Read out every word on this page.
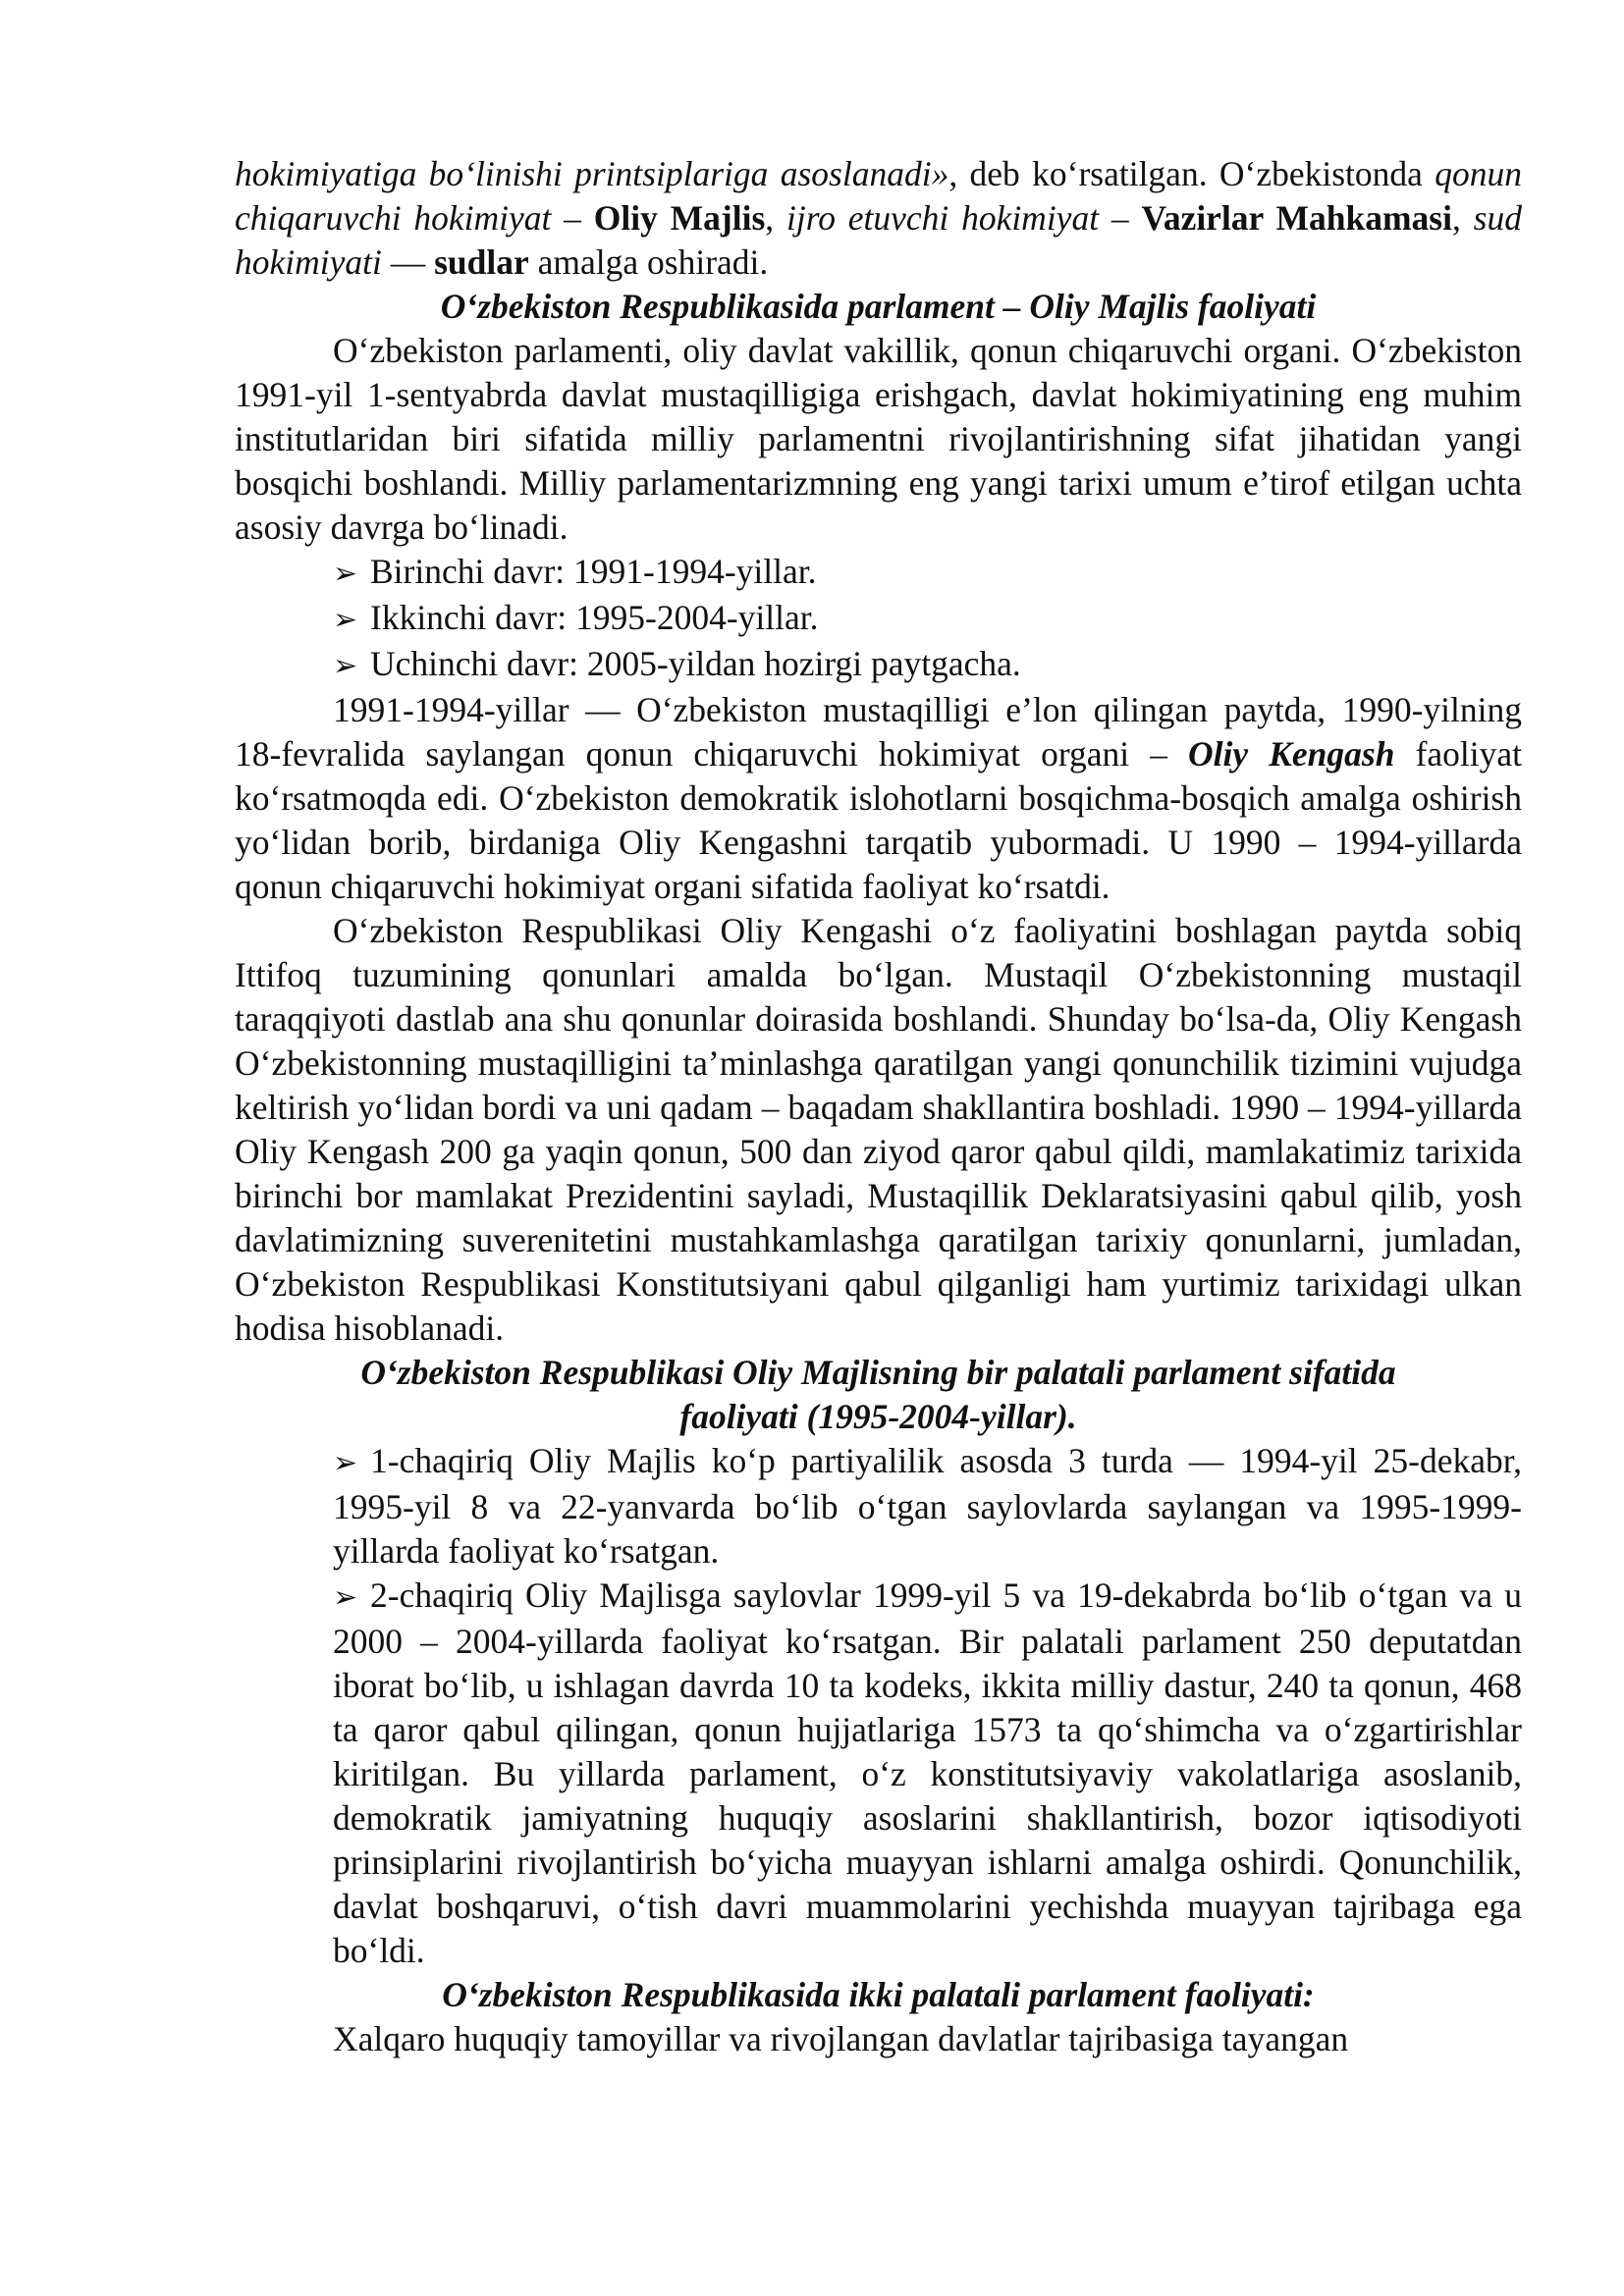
hokimiyatiga bo‘linishi printsiplariga asoslanadi», deb ko‘rsatilgan. O‘zbekistonda qonun chiqaruvchi hokimiyat – Oliy Majlis, ijro etuvchi hokimiyat – Vazirlar Mahkamasi, sud hokimiyati — sudlar amalga oshiradi.

O‘zbekiston Respublikasida parlament – Oliy Majlis faoliyati

O‘zbekiston parlamenti, oliy davlat vakillik, qonun chiqaruvchi organi. O‘zbekiston 1991-yil 1-sentyabrda davlat mustaqilligiga erishgach, davlat hokimiyatining eng muhim institutlaridan biri sifatida milliy parlamentni rivojlantirishning sifat jihatidan yangi bosqichi boshlandi. Milliy parlamentarizmning eng yangi tarixi umum e’tirof etilgan uchta asosiy davrga bo‘linadi.

➢ Birinchi davr: 1991-1994-yillar.

➢ Ikkinchi davr: 1995-2004-yillar.

➢ Uchinchi davr: 2005-yildan hozirgi paytgacha.

1991-1994-yillar — O‘zbekiston mustaqilligi e’lon qilingan paytda, 1990-yilning 18-fevralida saylangan qonun chiqaruvchi hokimiyat organi – Oliy Kengash faoliyat ko‘rsatmoqda edi. O‘zbekiston demokratik islohotlarni bosqichma-bosqich amalga oshirish yo‘lidan borib, birdaniga Oliy Kengashni tarqatib yubormadi. U 1990 – 1994-yillarda qonun chiqaruvchi hokimiyat organi sifatida faoliyat ko‘rsatdi.

O‘zbekiston Respublikasi Oliy Kengashi o‘z faoliyatini boshlagan paytda sobiq Ittifoq tuzumining qonunlari amalda bo‘lgan. Mustaqil O‘zbekistonning mustaqil taraqqiyoti dastlab ana shu qonunlar doirasida boshlandi. Shunday bo‘lsa-da, Oliy Kengash O‘zbekistonning mustaqilligini ta’minlashga qaratilgan yangi qonunchilik tizimini vujudga keltirish yo‘lidan bordi va uni qadam – baqadam shakllantira boshladi. 1990 – 1994-yillarda Oliy Kengash 200 ga yaqin qonun, 500 dan ziyod qaror qabul qildi, mamlakatimiz tarixida birinchi bor mamlakat Prezidentini sayladi, Mustaqillik Deklaratsiyasini qabul qilib, yosh davlatimizning suverenitetini mustahkamlashga qaratilgan tarixiy qonunlarni, jumladan, O‘zbekiston Respublikasi Konstitutsiyani qabul qilganligi ham yurtimiz tarixidagi ulkan hodisa hisoblanadi.

O‘zbekiston Respublikasi Oliy Majlisning bir palatali parlament sifatida
faoliyati (1995-2004-yillar).

➢ 1-chaqiriq Oliy Majlis ko‘p partiyalilik asosda 3 turda — 1994-yil 25-dekabr, 1995-yil 8 va 22-yanvarda bo‘lib o‘tgan saylovlarda saylangan va 1995-1999-yillarda faoliyat ko‘rsatgan.

➢ 2-chaqiriq Oliy Majlisga saylovlar 1999-yil 5 va 19-dekabrda bo‘lib o‘tgan va u 2000 – 2004-yillarda faoliyat ko‘rsatgan. Bir palatali parlament 250 deputatdan iborat bo‘lib, u ishlagan davrda 10 ta kodeks, ikkita milliy dastur, 240 ta qonun, 468 ta qaror qabul qilingan, qonun hujjatlariga 1573 ta qo‘shimcha va o‘zgartirishlar kiritilgan. Bu yillarda parlament, o‘z konstitutsiyaviy vakolatlariga asoslanib, demokratik jamiyatning huquqiy asoslarini shakllantirish, bozor iqtisodiyoti prinsiplarini rivojlantirish bo‘yicha muayyan ishlarni amalga oshirdi. Qonunchilik, davlat boshqaruvi, o‘tish davri muammolarini yechishda muayyan tajribaga ega bo‘ldi.

O‘zbekiston Respublikasida ikki palatali parlament faoliyati:

Xalqaro huquqiy tamoyillar va rivojlangan davlatlar tajribasiga tayangan
